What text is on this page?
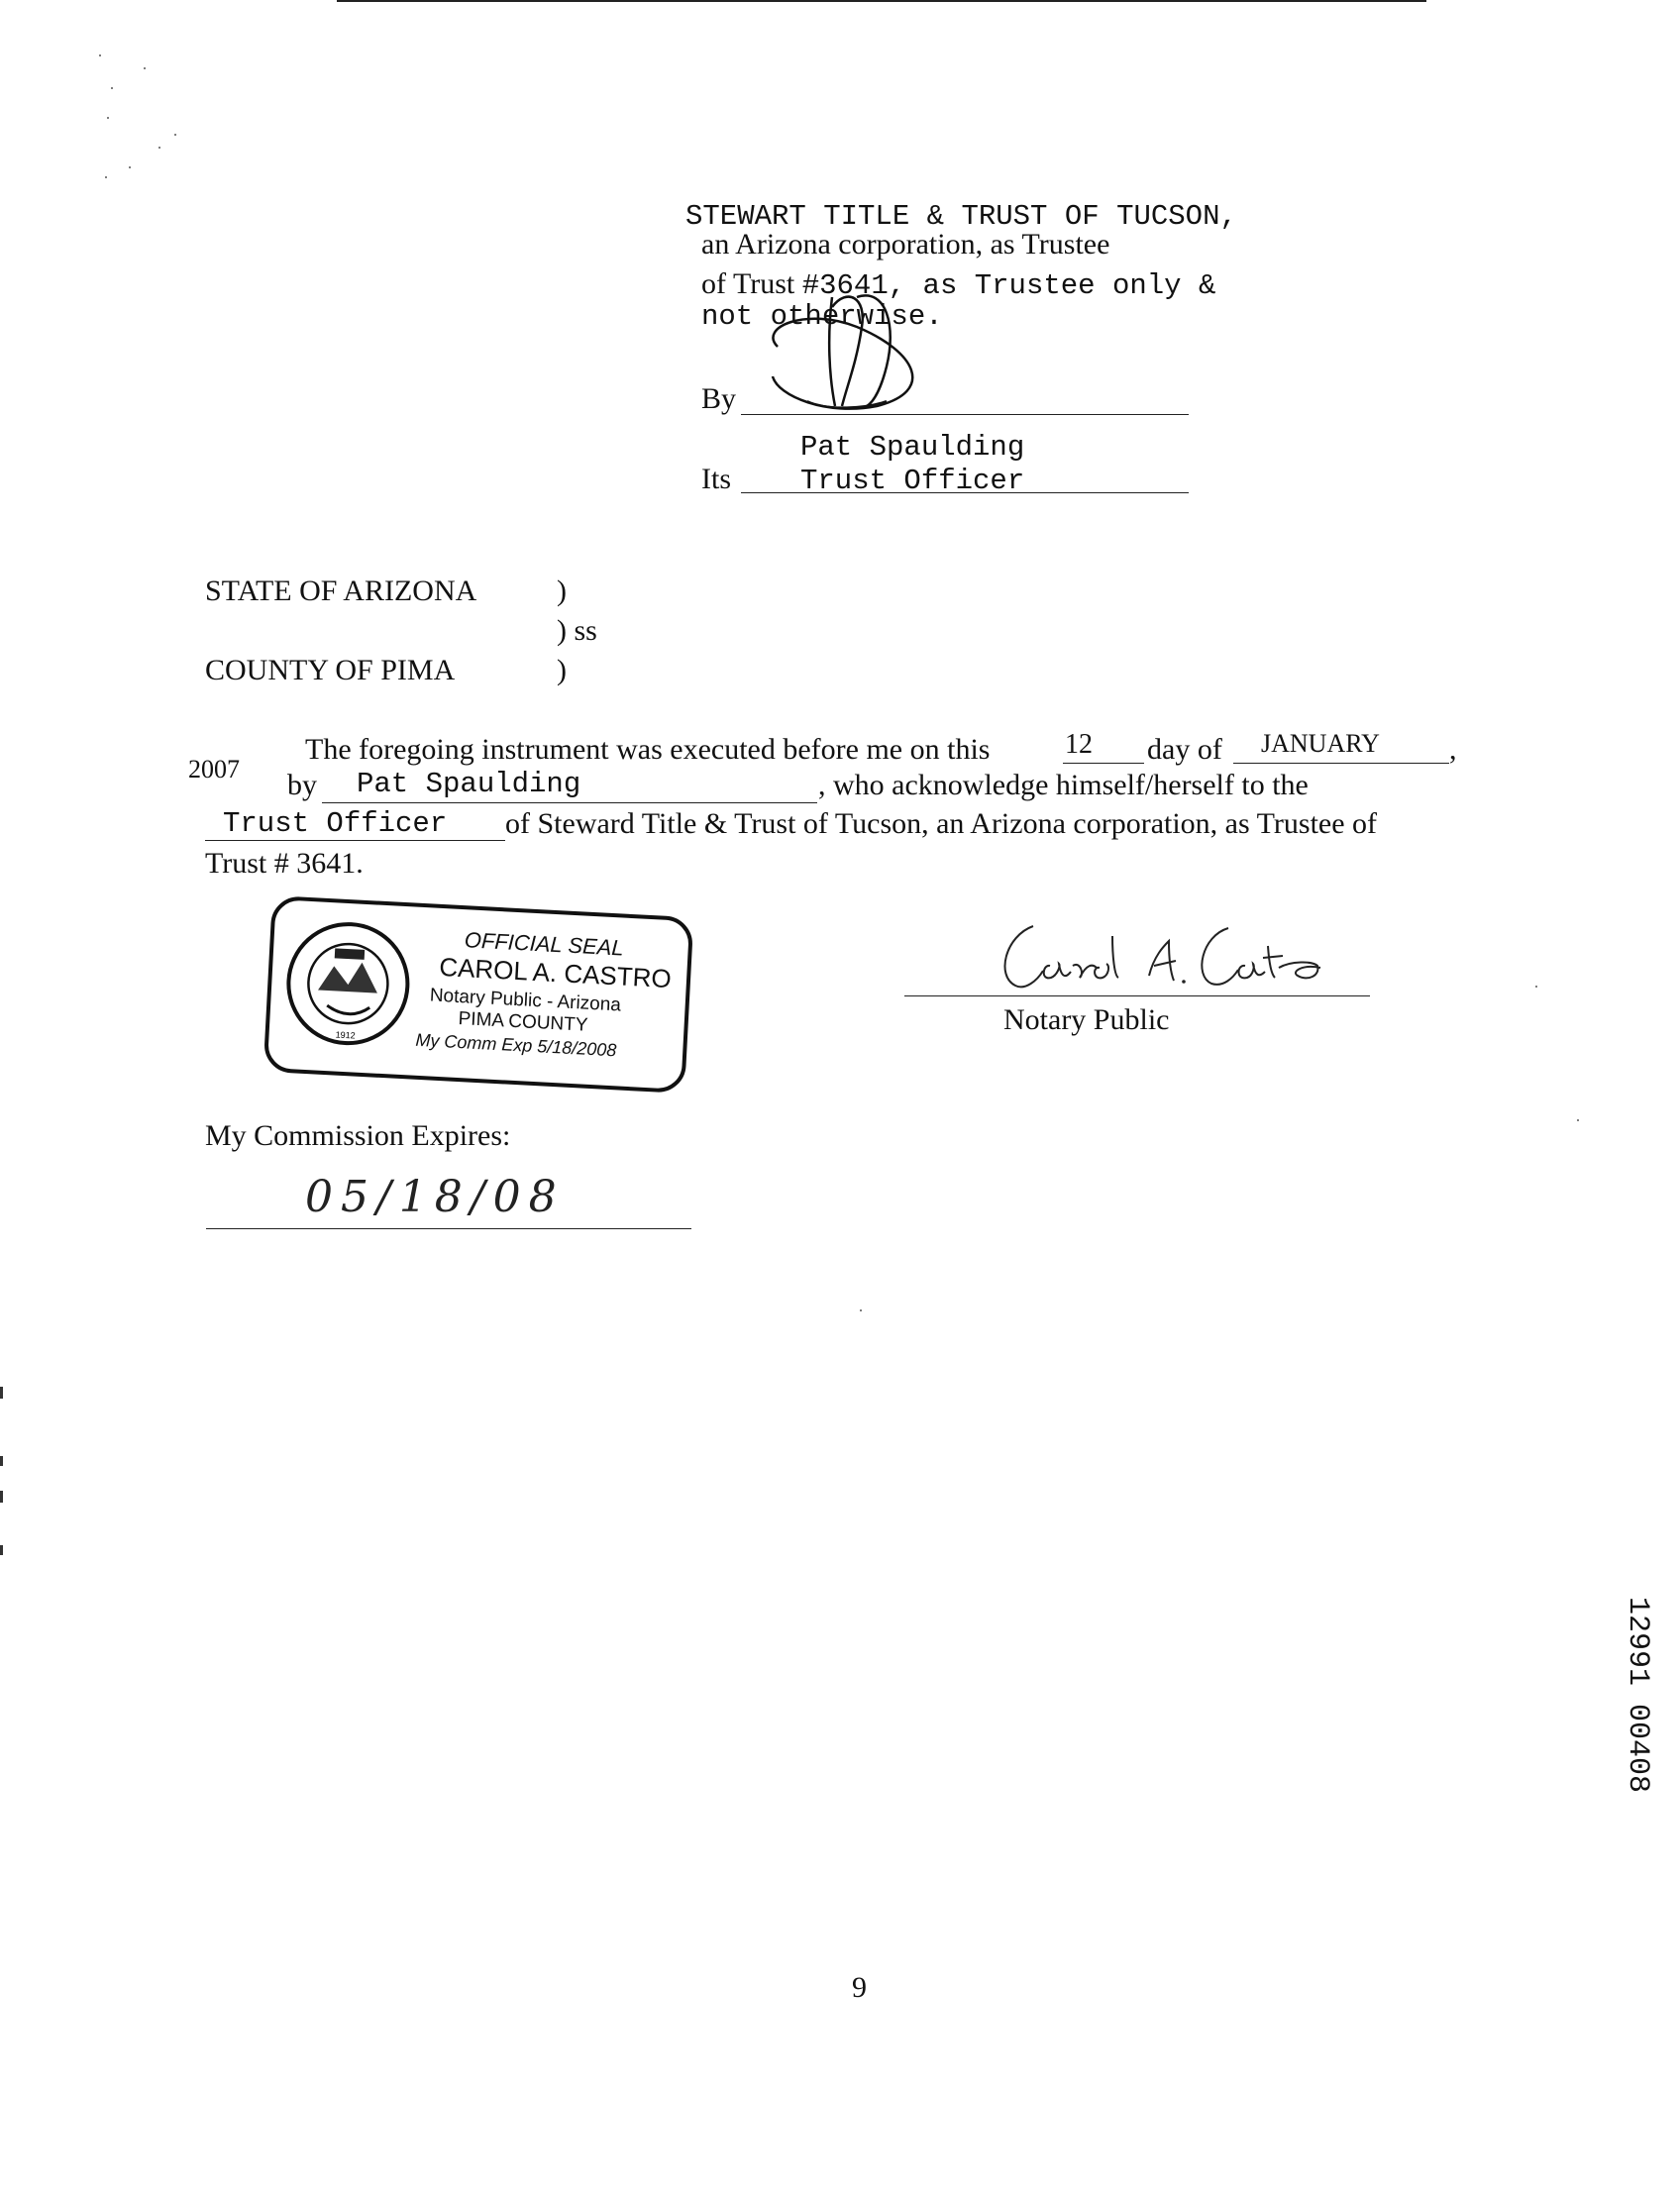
STEWART TITLE & TRUST OF TUCSON,
an Arizona corporation, as Trustee
of Trust #3641, as Trustee only &
not otherwise.
By
Pat Spaulding
Its Trust Officer
STATE OF ARIZONA	)
) ss
COUNTY OF PIMA	)
The foregoing instrument was executed before me on this	12 day of JANUARY ,
2007 by Pat Spaulding	, who acknowledge himself/herself to the
Trust Officer of Steward Title & Trust of Tucson, an Arizona corporation, as Trustee of
Trust # 3641.
1912
OFFICIAL SEAL
CAROL A. CASTRO
Notary Public - Arizona
PIMA COUNTY
My Comm Exp 5/18/2008
Notary Public
My Commission Expires:
05/18/08
9
12991 00408
